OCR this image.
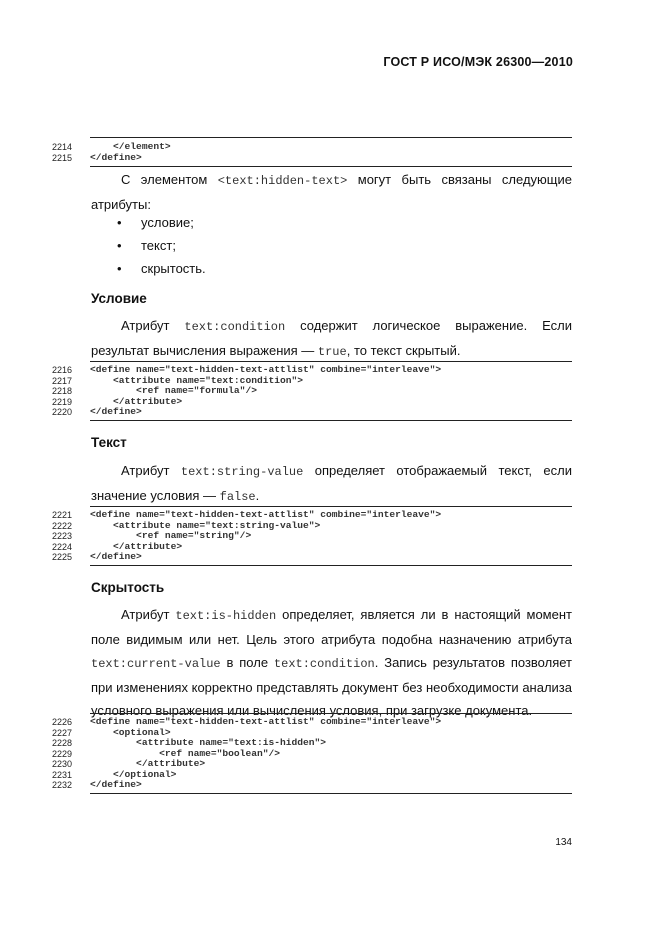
ГОСТ Р ИСО/МЭК 26300—2010
2214	</element>
2215	</define>
С элементом <text:hidden-text> могут быть связаны следующие атрибуты:
•	условие;
•	текст;
•	скрытость.
Условие
Атрибут text:condition содержит логическое выражение. Если результат вычисления выражения — true, то текст скрытый.
2216	<define name="text-hidden-text-attlist" combine="interleave">
2217	<attribute name="text:condition">
2218	<ref name="formula"/>
2219	</attribute>
2220	</define>
Текст
Атрибут text:string-value определяет отображаемый текст, если значение условия — false.
2221	<define name="text-hidden-text-attlist" combine="interleave">
2222	<attribute name="text:string-value">
2223	<ref name="string"/>
2224	</attribute>
2225	</define>
Скрытость
Атрибут text:is-hidden определяет, является ли в настоящий момент поле видимым или нет. Цель этого атрибута подобна назначению атрибута text:current-value в поле text:condition. Запись результатов позволяет при изменениях корректно представлять документ без необходимости анализа условного выражения или вычисления условия, при загрузке документа.
2226	<define name="text-hidden-text-attlist" combine="interleave">
2227	<optional>
2228	<attribute name="text:is-hidden">
2229	<ref name="boolean"/>
2230	</attribute>
2231	</optional>
2232	</define>
134
